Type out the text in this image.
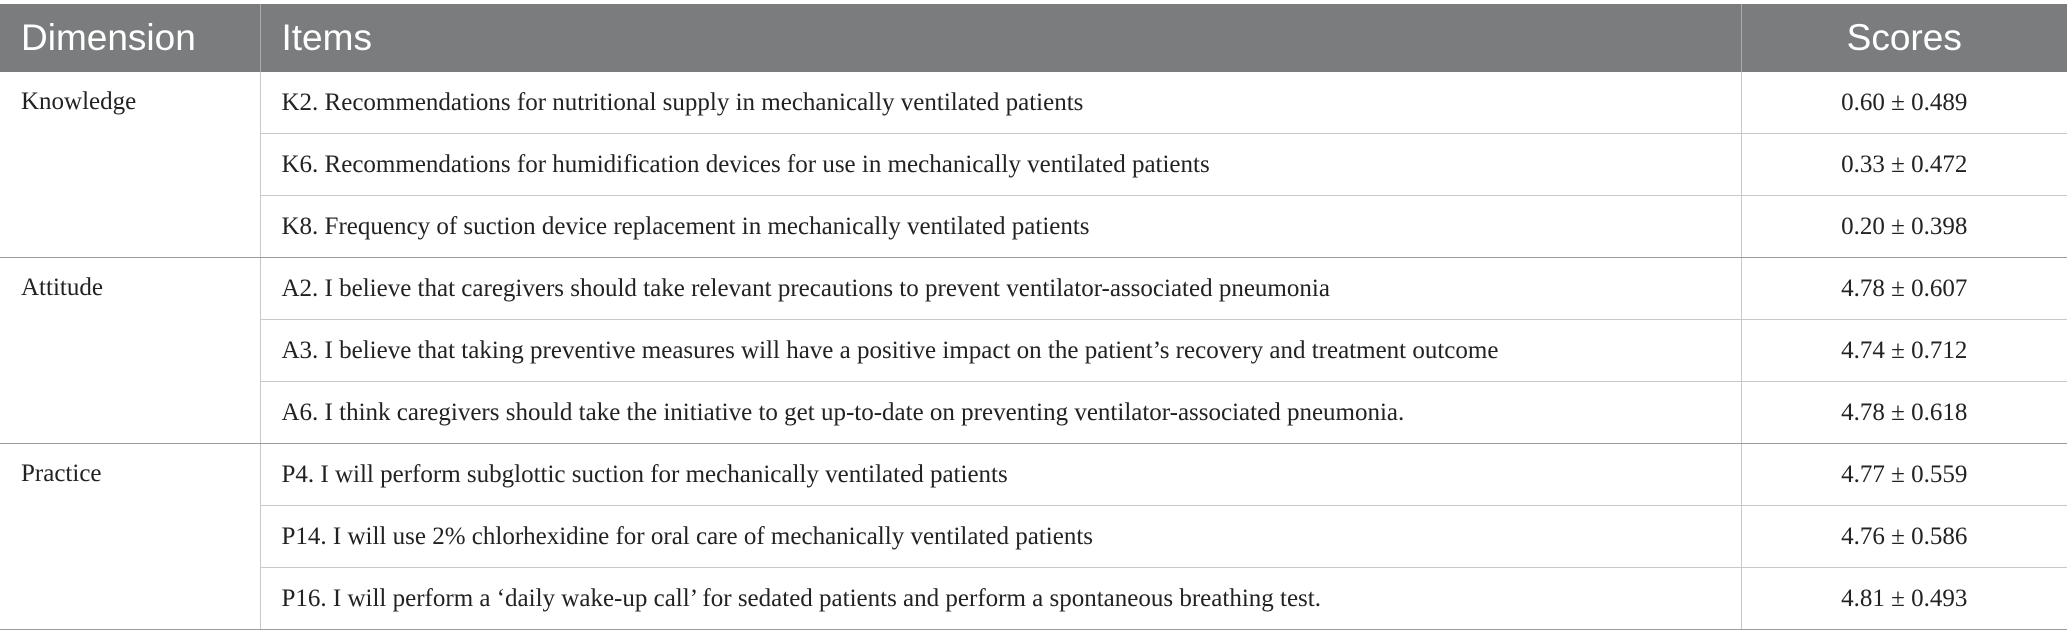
Dimension	Items	Scores
Knowledge	K2. Recommendations for nutritional supply in mechanically ventilated patients	0.60 ± 0.489
	K6. Recommendations for humidification devices for use in mechanically ventilated patients	0.33 ± 0.472
	K8. Frequency of suction device replacement in mechanically ventilated patients	0.20 ± 0.398
Attitude	A2. I believe that caregivers should take relevant precautions to prevent ventilator-associated pneumonia	4.78 ± 0.607
	A3. I believe that taking preventive measures will have a positive impact on the patient’s recovery and treatment outcome	4.74 ± 0.712
	A6. I think caregivers should take the initiative to get up-to-date on preventing ventilator-associated pneumonia.	4.78 ± 0.618
Practice	P4. I will perform subglottic suction for mechanically ventilated patients	4.77 ± 0.559
	P14. I will use 2% chlorhexidine for oral care of mechanically ventilated patients	4.76 ± 0.586
	P16. I will perform a ‘daily wake-up call’ for sedated patients and perform a spontaneous breathing test.	4.81 ± 0.493
